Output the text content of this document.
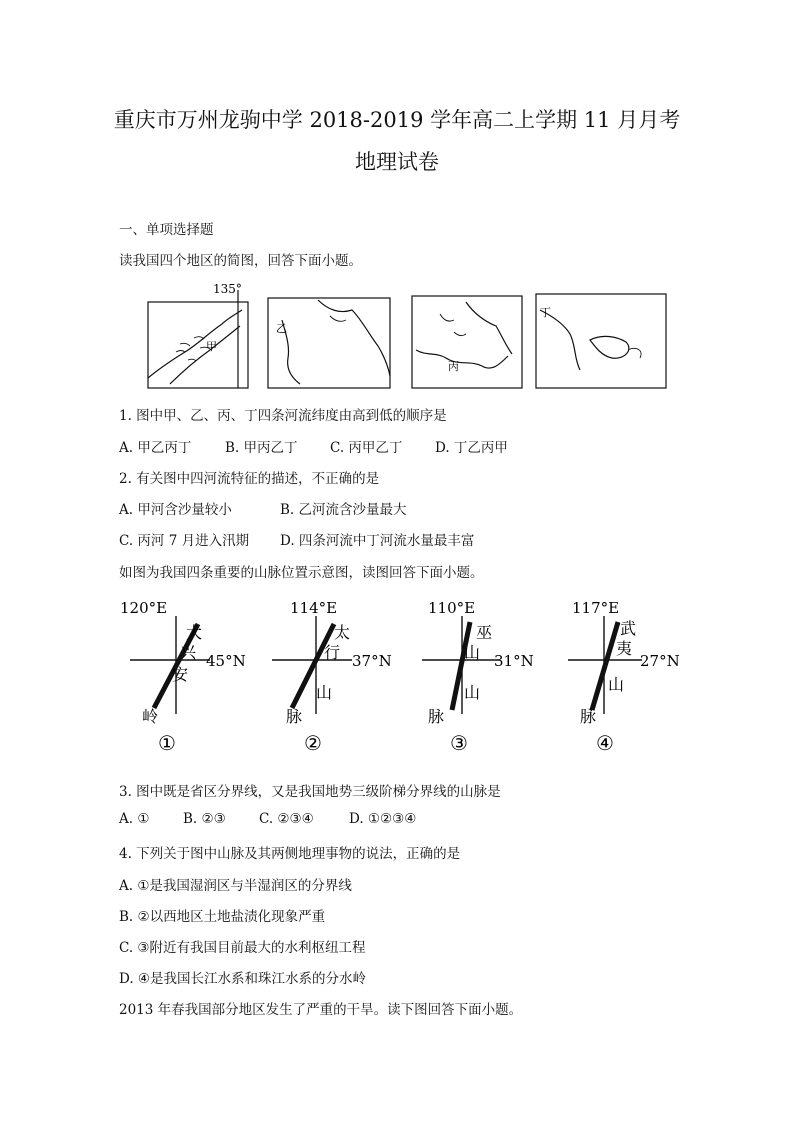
重庆市万州龙驹中学 2018-2019 学年高二上学期 11 月月考
地理试卷
一、单项选择题
读我国四个地区的简图，回答下面小题。
135°
甲
乙
丙
丁
1. 图中甲、乙、丙、丁四条河流纬度由高到低的顺序是
A. 甲乙丙丁 B. 甲丙乙丁 C. 丙甲乙丁 D. 丁乙丙甲
2. 有关图中四河流特征的描述，不正确的是
A. 甲河含沙量较小	B. 乙河流含沙量最大
C. 丙河 7 月进入汛期 D. 四条河流中丁河流水量最丰富
如图为我国四条重要的山脉位置示意图，读图回答下面小题。
120°E
45°N
大
兴
安
岭
①
114°E
37°N
太
行
山
脉
②
110°E
31°N
巫
山
山
脉
③
117°E
27°N
武
夷
山
脉
④
3. 图中既是省区分界线，又是我国地势三级阶梯分界线的山脉是
A. ① B. ②③ C. ②③④	D. ①②③④
4. 下列关于图中山脉及其两侧地理事物的说法，正确的是
A. ①是我国湿润区与半湿润区的分界线
B. ②以西地区土地盐渍化现象严重
C. ③附近有我国目前最大的水利枢纽工程
D. ④是我国长江水系和珠江水系的分水岭
2013 年春我国部分地区发生了严重的干旱。读下图回答下面小题。
